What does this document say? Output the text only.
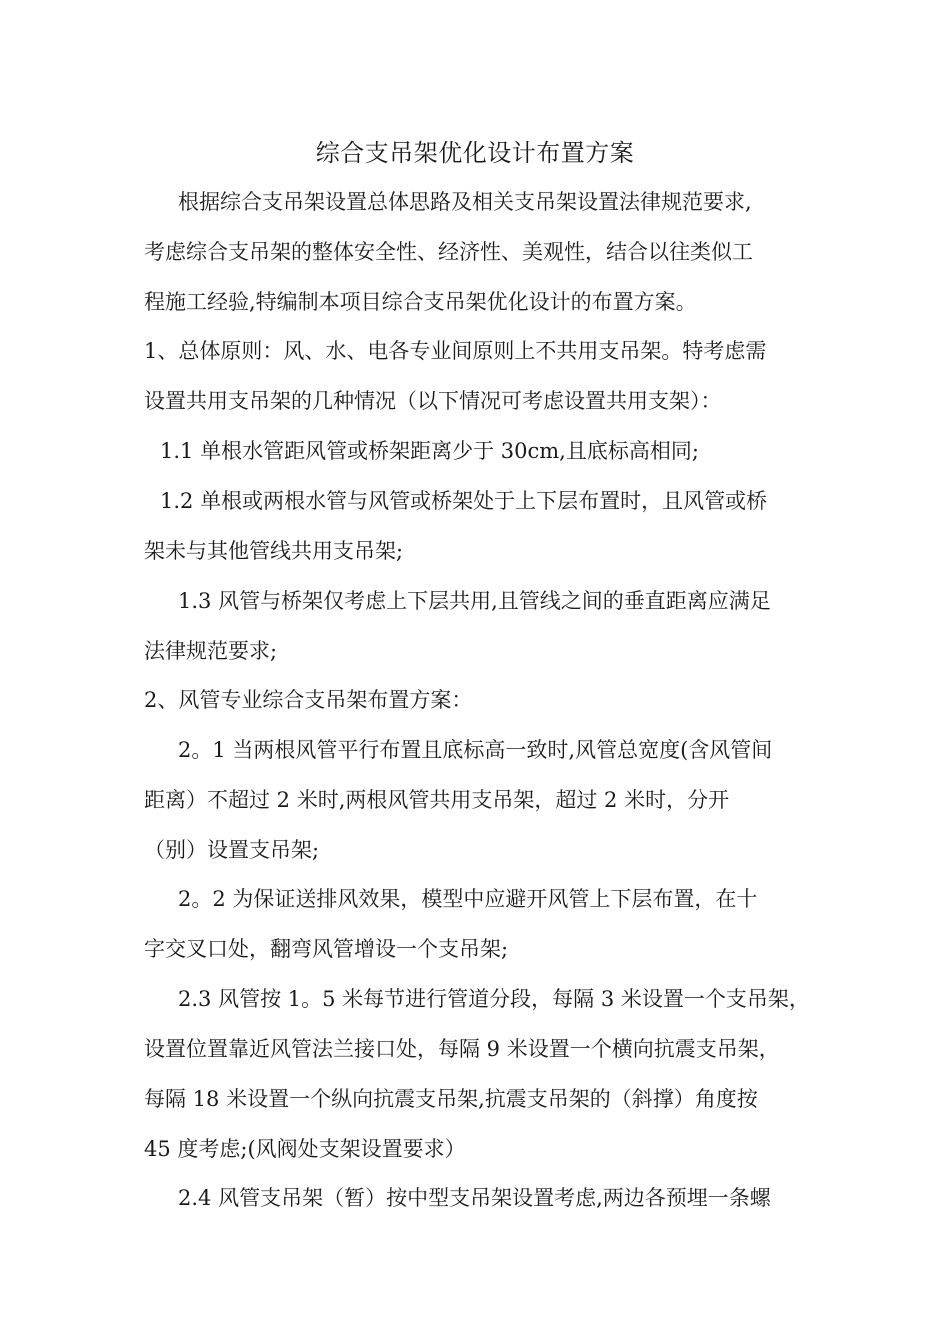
综合支吊架优化设计布置方案
根据综合支吊架设置总体思路及相关支吊架设置法律规范要求,
考虑综合支吊架的整体安全性、经济性、美观性，结合以往类似工
程施工经验,特编制本项目综合支吊架优化设计的布置方案。
1、总体原则：风、水、电各专业间原则上不共用支吊架。特考虑需
设置共用支吊架的几种情况（以下情况可考虑设置共用支架）：
1.1 单根水管距风管或桥架距离少于 30cm,且底标高相同;
1.2 单根或两根水管与风管或桥架处于上下层布置时，且风管或桥
架未与其他管线共用支吊架;
1.3 风管与桥架仅考虑上下层共用,且管线之间的垂直距离应满足
法律规范要求;
2、风管专业综合支吊架布置方案：
2。1 当两根风管平行布置且底标高一致时,风管总宽度(含风管间
距离）不超过 2 米时,两根风管共用支吊架，超过 2 米时，分开
（别）设置支吊架;
2。2 为保证送排风效果，模型中应避开风管上下层布置，在十
字交叉口处，翻弯风管增设一个支吊架;
2.3 风管按 1。5 米每节进行管道分段，每隔 3 米设置一个支吊架，
设置位置靠近风管法兰接口处，每隔 9 米设置一个横向抗震支吊架，
每隔 18 米设置一个纵向抗震支吊架,抗震支吊架的（斜撑）角度按
45 度考虑;(风阀处支架设置要求）
2.4 风管支吊架（暂）按中型支吊架设置考虑,两边各预埋一条螺
